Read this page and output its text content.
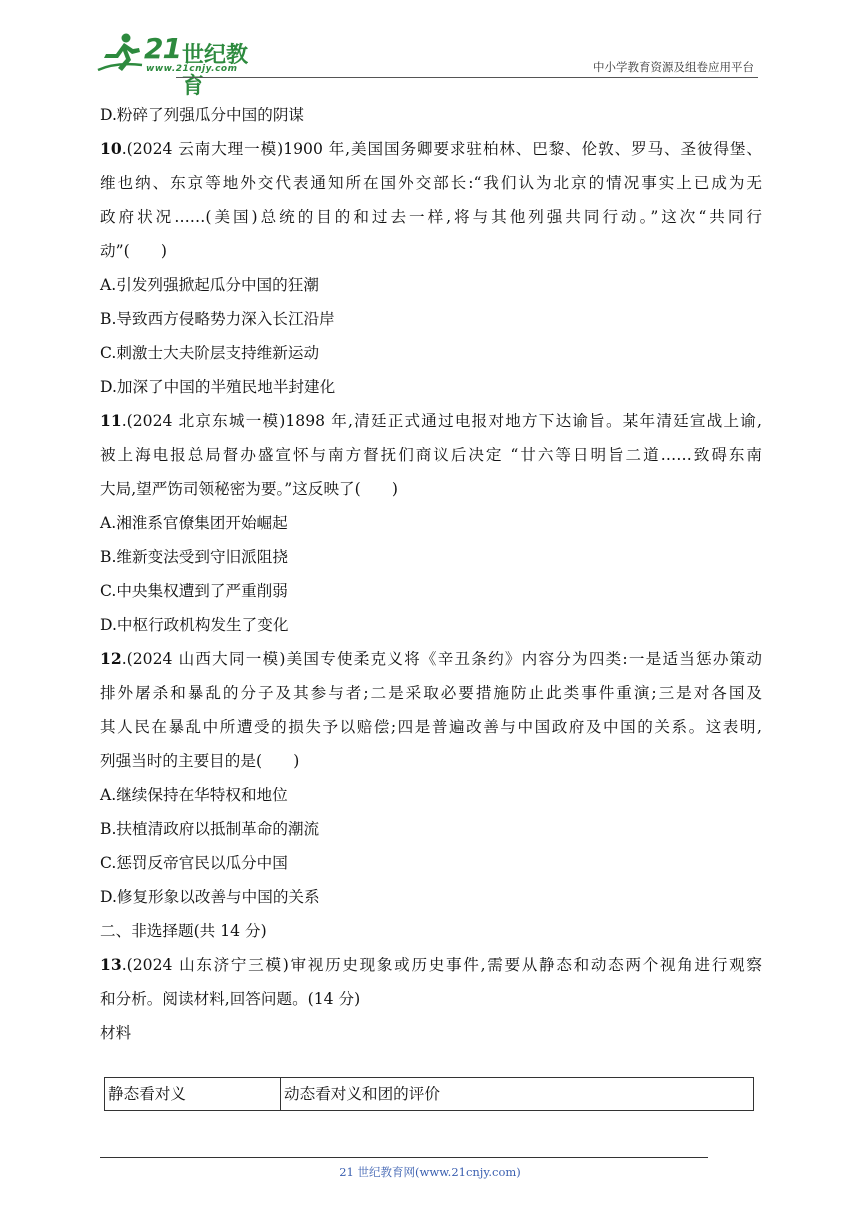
21 世纪教育
www.21cnjy.com	中小学教育资源及组卷应用平台
D.粉碎了列强瓜分中国的阴谋
10.(2024 云南大理一模)1900 年,美国国务卿要求驻柏林、巴黎、伦敦、罗马、圣彼得堡、
维也纳、东京等地外交代表通知所在国外交部长:“我们认为北京的情况事实上已成为无
政府状况……(美国)总统的目的和过去一样,将与其他列强共同行动。”这次“共同行
动”(　　)
A.引发列强掀起瓜分中国的狂潮
B.导致西方侵略势力深入长江沿岸
C.刺激士大夫阶层支持维新运动
D.加深了中国的半殖民地半封建化
11.(2024 北京东城一模)1898 年,清廷正式通过电报对地方下达谕旨。某年清廷宣战上谕,
被上海电报总局督办盛宣怀与南方督抚们商议后决定 “廿六等日明旨二道……致碍东南
大局,望严饬司领秘密为要。”这反映了(　　)
A.湘淮系官僚集团开始崛起
B.维新变法受到守旧派阻挠
C.中央集权遭到了严重削弱
D.中枢行政机构发生了变化
12.(2024 山西大同一模)美国专使柔克义将《辛丑条约》内容分为四类:一是适当惩办策动
排外屠杀和暴乱的分子及其参与者;二是采取必要措施防止此类事件重演;三是对各国及
其人民在暴乱中所遭受的损失予以赔偿;四是普遍改善与中国政府及中国的关系。这表明,
列强当时的主要目的是(　　)
A.继续保持在华特权和地位
B.扶植清政府以抵制革命的潮流
C.惩罚反帝官民以瓜分中国
D.修复形象以改善与中国的关系
二、非选择题(共 14 分)
13.(2024 山东济宁三模)审视历史现象或历史事件,需要从静态和动态两个视角进行观察
和分析。阅读材料,回答问题。(14 分)
材料
静态看对义	动态看对义和团的评价
21 世纪教育网(www.21cnjy.com)
